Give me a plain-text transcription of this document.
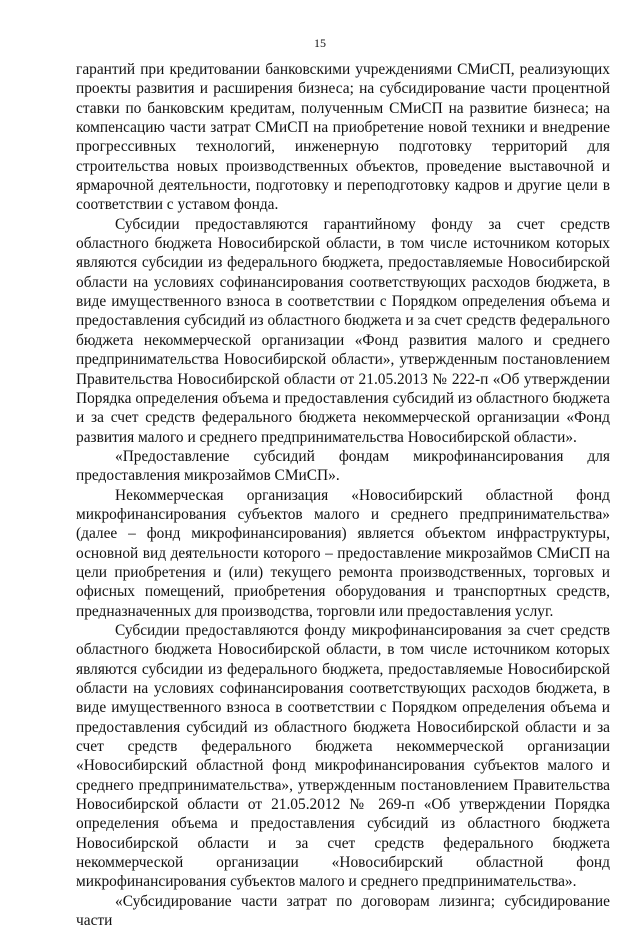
15

гарантий при кредитовании банковскими учреждениями СМиСП, реализующих проекты развития и расширения бизнеса; на субсидирование части процентной ставки по банковским кредитам, полученным СМиСП на развитие бизнеса; на компенсацию части затрат СМиСП на приобретение новой техники и внедрение прогрессивных технологий, инженерную подготовку территорий для строительства новых производственных объектов, проведение выставочной и ярмарочной деятельности, подготовку и переподготовку кадров и другие цели в соответствии с уставом фонда.

Субсидии предоставляются гарантийному фонду за счет средств областного бюджета Новосибирской области, в том числе источником которых являются субсидии из федерального бюджета, предоставляемые Новосибирской области на условиях софинансирования соответствующих расходов бюджета, в виде имущественного взноса в соответствии с Порядком определения объема и предоставления субсидий из областного бюджета и за счет средств федерального бюджета некоммерческой организации «Фонд развития малого и среднего предпринимательства Новосибирской области», утвержденным постановлением Правительства Новосибирской области от 21.05.2013 № 222-п «Об утверждении Порядка определения объема и предоставления субсидий из областного бюджета и за счет средств федерального бюджета некоммерческой организации «Фонд развития малого и среднего предпринимательства Новосибирской области».

«Предоставление субсидий фондам микрофинансирования для предоставления микрозаймов СМиСП».

Некоммерческая организация «Новосибирский областной фонд микрофинансирования субъектов малого и среднего предпринимательства» (далее – фонд микрофинансирования) является объектом инфраструктуры, основной вид деятельности которого – предоставление микрозаймов СМиСП на цели приобретения и (или) текущего ремонта производственных, торговых и офисных помещений, приобретения оборудования и транспортных средств, предназначенных для производства, торговли или предоставления услуг.

Субсидии предоставляются фонду микрофинансирования за счет средств областного бюджета Новосибирской области, в том числе источником которых являются субсидии из федерального бюджета, предоставляемые Новосибирской области на условиях софинансирования соответствующих расходов бюджета, в виде имущественного взноса в соответствии с Порядком определения объема и предоставления субсидий из областного бюджета Новосибирской области и за счет средств федерального бюджета некоммерческой организации «Новосибирский областной фонд микрофинансирования субъектов малого и среднего предпринимательства», утвержденным постановлением Правительства Новосибирской области от 21.05.2012 № 269-п «Об утверждении Порядка определения объема и предоставления субсидий из областного бюджета Новосибирской области и за счет средств федерального бюджета некоммерческой организации «Новосибирский областной фонд микрофинансирования субъектов малого и среднего предпринимательства».

«Субсидирование части затрат по договорам лизинга; субсидирование части
